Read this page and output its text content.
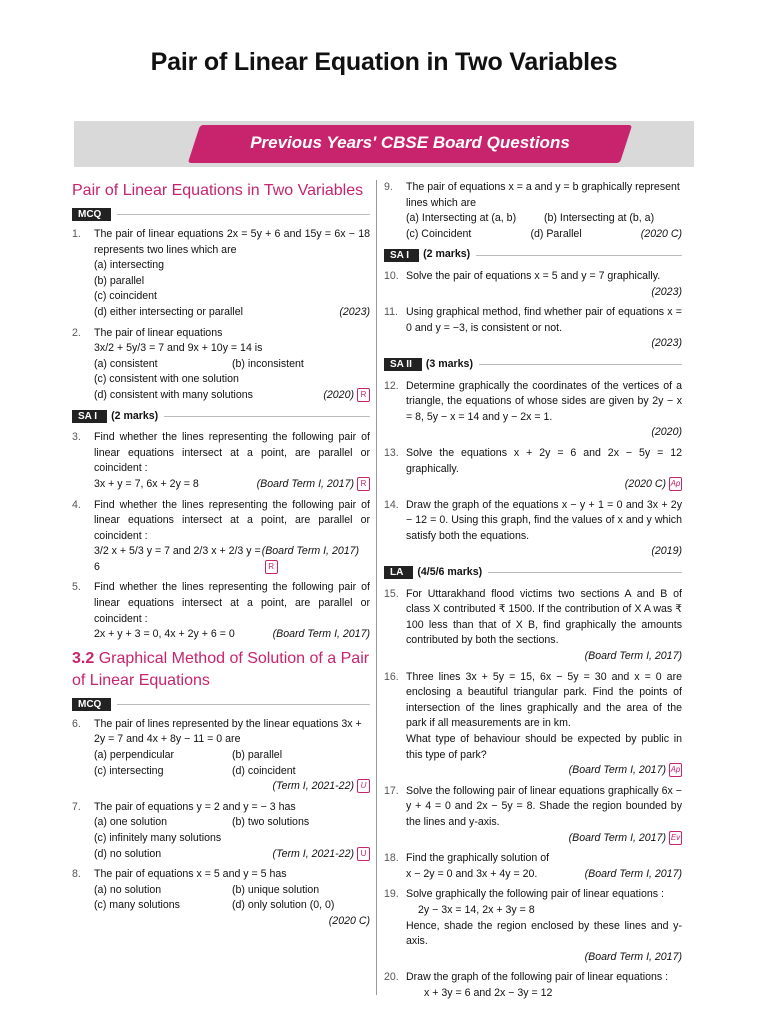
Pair of Linear Equation in Two Variables
Previous Years' CBSE Board Questions
Pair of Linear Equations in Two Variables
MCQ
1.	The pair of linear equations 2x = 5y + 6 and 15y = 6x − 18 represents two lines which are
(a) intersecting
(b) parallel
(c) coincident
(d) either intersecting or parallel	(2023)
2.	The pair of linear equations
3x/2 + 5y/3 = 7 and 9x + 10y = 14 is
(a) consistent	(b) inconsistent
(c) consistent with one solution
(d) consistent with many solutions	(2020) R
SA I	(2 marks)
3.	Find whether the lines representing the following pair of linear equations intersect at a point, are parallel or coincident :
3x + y = 7, 6x + 2y = 8	(Board Term I, 2017) R
4.	Find whether the lines representing the following pair of linear equations intersect at a point, are parallel or coincident :
3/2 x + 5/3 y = 7 and 2/3 x + 2/3 y = 6
(Board Term I, 2017)R
5.	Find whether the lines representing the following pair of linear equations intersect at a point, are parallel or coincident :
2x + y + 3 = 0, 4x + 2y + 6 = 0	(Board Term I, 2017)
3.2 Graphical Method of Solution of a Pair of Linear Equations
MCQ
6.	The pair of lines represented by the linear equations 3x + 2y = 7 and 4x + 8y − 11 = 0 are
(a) perpendicular	(b) parallel
(c) intersecting	(d) coincident
(Term I, 2021-22) U
7.	The pair of equations y = 2 and y = − 3 has
(a) one solution	(b) two solutions
(c) infinitely many solutions
(d) no solution	(Term I, 2021-22) U
8.	The pair of equations x = 5 and y = 5 has
(a) no solution	(b) unique solution
(c) many solutions	(d) only solution (0, 0)
(2020 C)
9.	The pair of equations x = a and y = b graphically represent lines which are
(a) Intersecting at (a, b)	(b) Intersecting at (b, a)
(c) Coincident	(d) Parallel	(2020 C)
SA I	(2 marks)
10. Solve the pair of equations x = 5 and y = 7 graphically.
(2023)
11. Using graphical method, find whether pair of equations x = 0 and y = −3, is consistent or not.
(2023)
SA II	(3 marks)
12. Determine graphically the coordinates of the vertices of a triangle, the equations of whose sides are given by 2y − x = 8, 5y − x = 14 and y − 2x = 1.
(2020)
13. Solve the equations x + 2y = 6 and 2x − 5y = 12 graphically.
(2020 C) Ap
14. Draw the graph of the equations x − y + 1 = 0 and 3x + 2y − 12 = 0. Using this graph, find the values of x and y which satisfy both the equations.
(2019)
LA	(4/5/6 marks)
15. For Uttarakhand flood victims two sections A and B of class X contributed ₹ 1500. If the contribution of X A was ₹ 100 less than that of X B, find graphically the amounts contributed by both the sections.
(Board Term I, 2017)
16. Three lines 3x + 5y = 15, 6x − 5y = 30 and x = 0 are enclosing a beautiful triangular park. Find the points of intersection of the lines graphically and the area of the park if all measurements are in km.
What type of behaviour should be expected by public in this type of park?
(Board Term I, 2017) Ap
17. Solve the following pair of linear equations graphically 6x − y + 4 = 0 and 2x − 5y = 8. Shade the region bounded by the lines and y-axis.
(Board Term I, 2017) Ev
18. Find the graphically solution of
x − 2y = 0 and 3x + 4y = 20.	(Board Term I, 2017)
19. Solve graphically the following pair of linear equations :
2y − 3x = 14, 2x + 3y = 8
Hence, shade the region enclosed by these lines and y-axis.
(Board Term I, 2017)
20. Draw the graph of the following pair of linear equations :
x + 3y = 6 and 2x − 3y = 12
